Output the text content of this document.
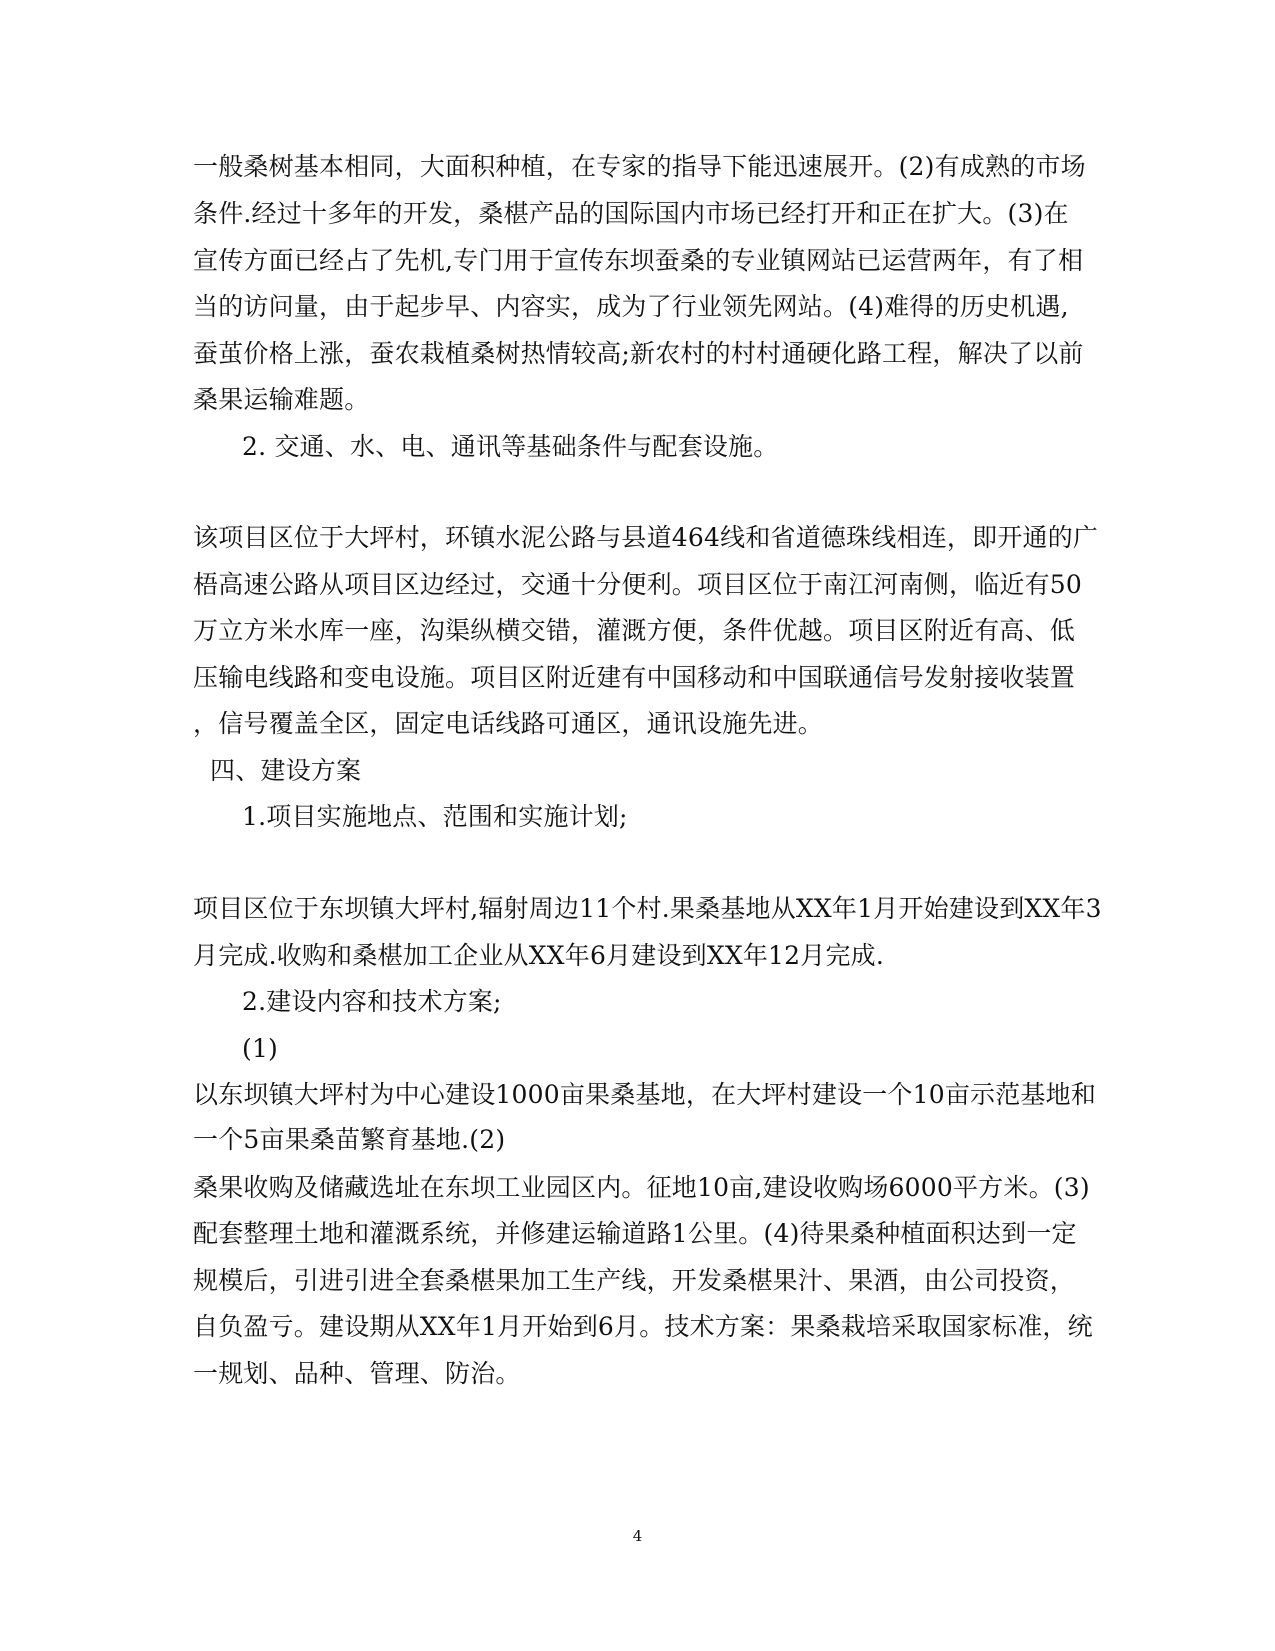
一般桑树基本相同，大面积种植，在专家的指导下能迅速展开。(2)有成熟的市场
条件.经过十多年的开发，桑椹产品的国际国内市场已经打开和正在扩大。(3)在
宣传方面已经占了先机,专门用于宣传东坝蚕桑的专业镇网站已运营两年，有了相
当的访问量，由于起步早、内容实，成为了行业领先网站。(4)难得的历史机遇,
蚕茧价格上涨，蚕农栽植桑树热情较高;新农村的村村通硬化路工程，解决了以前
桑果运输难题。
2. 交通、水、电、通讯等基础条件与配套设施。
该项目区位于大坪村，环镇水泥公路与县道464线和省道德珠线相连，即开通的广
梧高速公路从项目区边经过，交通十分便利。项目区位于南江河南侧，临近有50
万立方米水库一座，沟渠纵横交错，灌溉方便，条件优越。项目区附近有高、低
压输电线路和变电设施。项目区附近建有中国移动和中国联通信号发射接收装置
，信号覆盖全区，固定电话线路可通区，通讯设施先进。
四、建设方案
1.项目实施地点、范围和实施计划;
项目区位于东坝镇大坪村,辐射周边11个村.果桑基地从XX年1月开始建设到XX年3
月完成.收购和桑椹加工企业从XX年6月建设到XX年12月完成.
2.建设内容和技术方案;
(1)
以东坝镇大坪村为中心建设1000亩果桑基地，在大坪村建设一个10亩示范基地和
一个5亩果桑苗繁育基地.(2)
桑果收购及储藏选址在东坝工业园区内。征地10亩,建设收购场6000平方米。(3)
配套整理土地和灌溉系统，并修建运输道路1公里。(4)待果桑种植面积达到一定
规模后，引进引进全套桑椹果加工生产线，开发桑椹果汁、果酒，由公司投资，
自负盈亏。建设期从XX年1月开始到6月。技术方案：果桑栽培采取国家标准，统
一规划、品种、管理、防治。
4
